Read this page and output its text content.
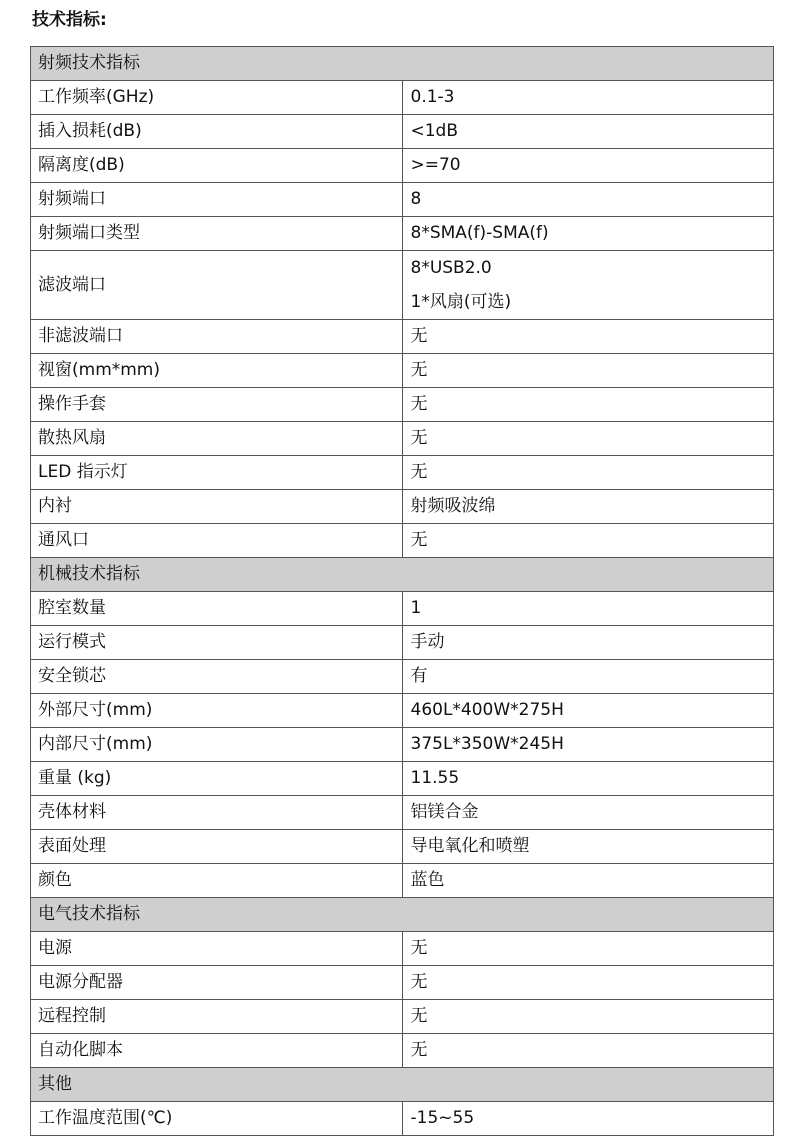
技术指标:
射频技术指标	
工作频率(GHz)	0.1-3
插入损耗(dB)	<1dB
隔离度(dB)	>=70
射频端口	8
射频端口类型	8*SMA(f)-SMA(f)
滤波端口	8*USB2.0
1*风扇(可选)

非滤波端口	无
视窗(mm*mm)	无
操作手套	无
散热风扇	无
LED 指示灯	无
内衬	射频吸波绵
通风口	无
机械技术指标	
腔室数量	1
运行模式	手动
安全锁芯	有
外部尺寸(mm)	460L*400W*275H
内部尺寸(mm)	375L*350W*245H
重量 (kg)	11.55
壳体材料	铝镁合金
表面处理	导电氧化和喷塑
颜色	蓝色
电气技术指标	
电源	无
电源分配器	无
远程控制	无
自动化脚本	无
其他	
工作温度范围(℃)	-15~55
